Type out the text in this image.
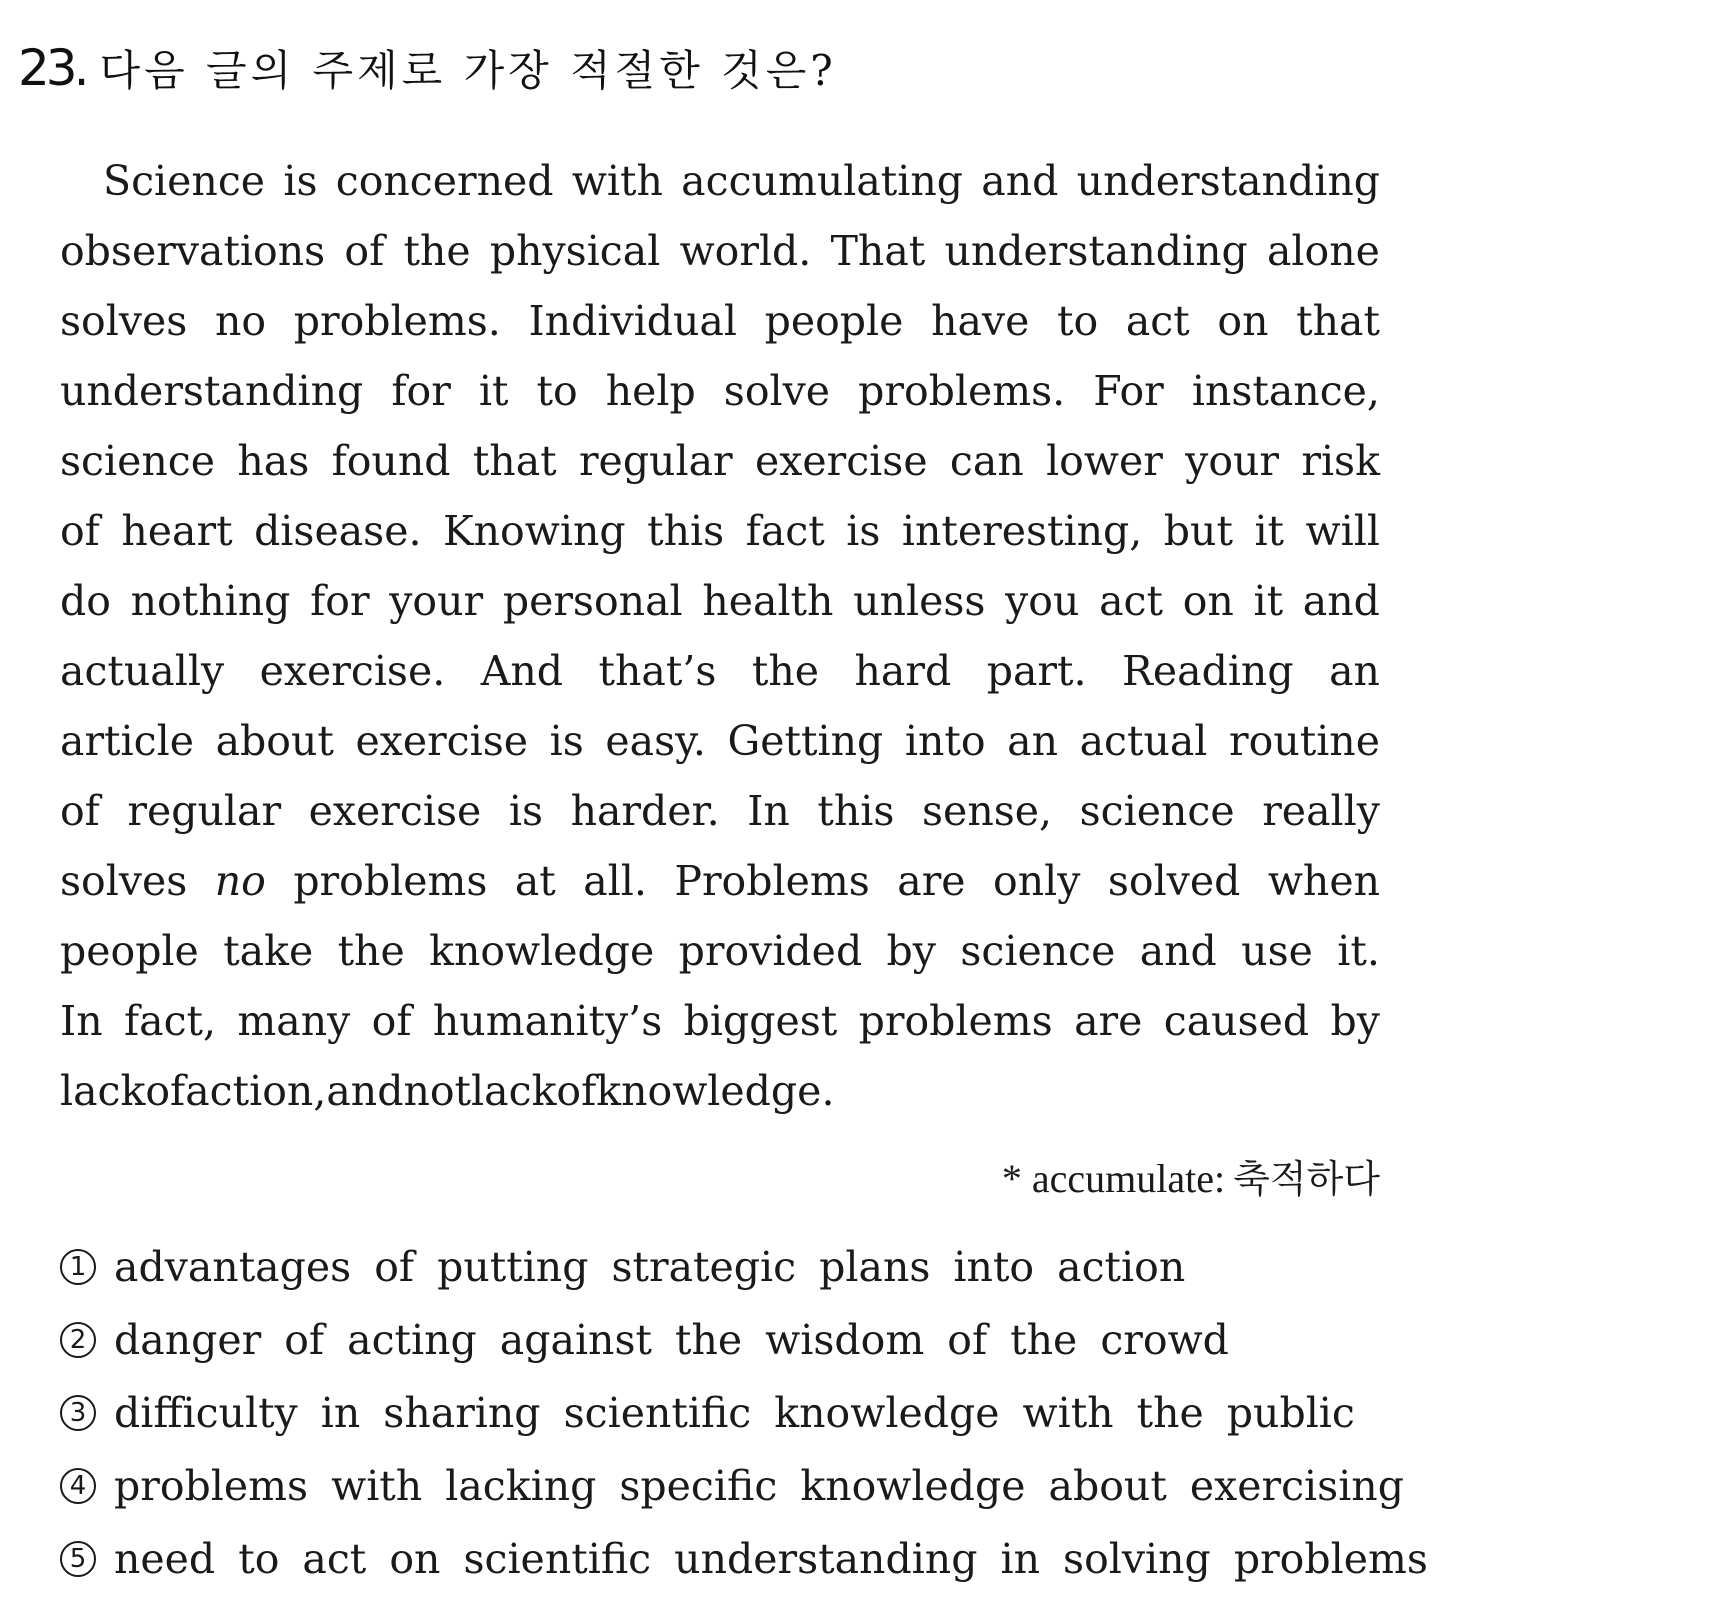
23. 다음 글의 주제로 가장 적절한 것은?
Science is concerned with accumulating and understanding
observations of the physical world. That understanding alone
solves no problems. Individual people have to act on that
understanding for it to help solve problems. For instance,
science has found that regular exercise can lower your risk
of heart disease. Knowing this fact is interesting, but it will
do nothing for your personal health unless you act on it and
actually exercise. And that’s the hard part. Reading an
article about exercise is easy. Getting into an actual routine
of regular exercise is harder. In this sense, science really
solves no problems at all. Problems are only solved when
people take the knowledge provided by science and use it.
In fact, many of humanity’s biggest problems are caused by
lack of action, and not lack of knowledge.
* accumulate: 축적하다
1 advantages of putting strategic plans into action
2 danger of acting against the wisdom of the crowd
3 difficulty in sharing scientific knowledge with the public
4 problems with lacking specific knowledge about exercising
5 need to act on scientific understanding in solving problems
